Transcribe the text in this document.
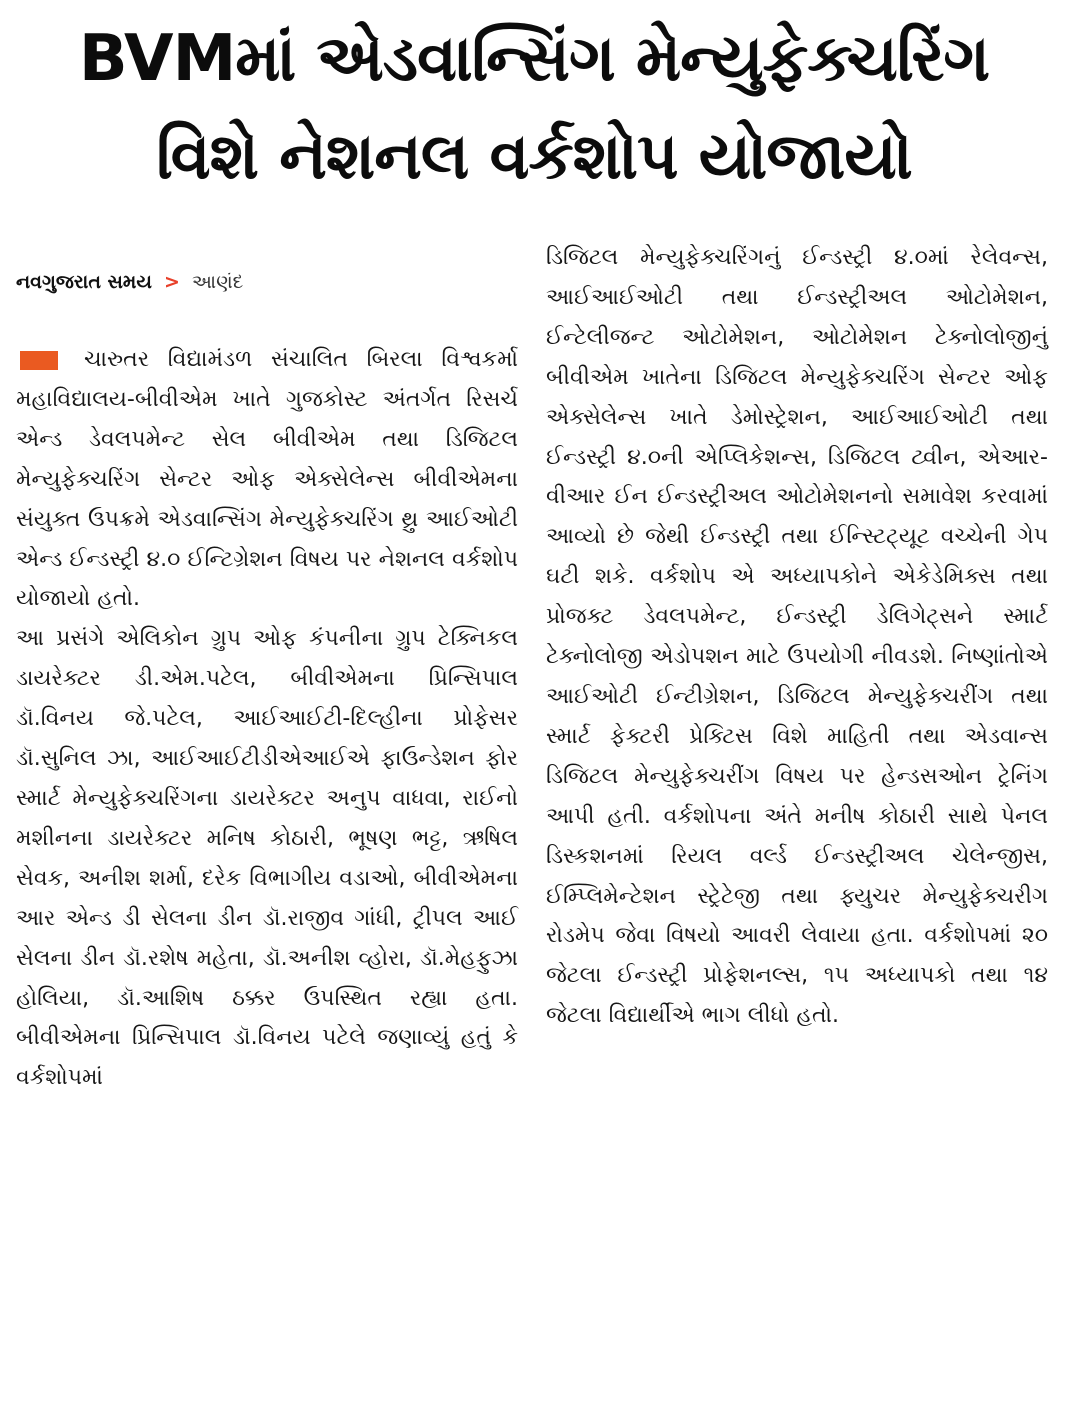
BVMમાં એડવાન્સિંગ મેન્યુફેક્ચરિંગ
વિશે નેશનલ વર્કશોપ યોજાયો
નવગુજરાત સમય > આણંદ

ચારુતર વિદ્યામંડળ સંચાલિત બિરલા વિશ્વકર્મા મહાવિદ્યાલય-બીવીએમ ખાતે ગુજકોસ્ટ અંતર્ગત રિસર્ચ એન્ડ ડેવલપમેન્ટ સેલ બીવીએમ તથા ડિજિટલ મેન્યુફેક્ચરિંગ સેન્ટર ઓફ એક્સેલેન્સ બીવીએમના સંયુક્ત ઉપક્રમે એડવાન્સિંગ મેન્યુફેક્ચરિંગ થ્રુ આઈઓટી એન્ડ ઈન્ડસ્ટ્રી ૪.૦ ઈન્ટિગ્રેશન વિષય પર નેશનલ વર્કશોપ યોજાયો હતો.

આ પ્રસંગે એલિકોન ગ્રુપ ઓફ કંપનીના ગ્રુપ ટેક્નિકલ ડાયરેક્ટર ડી.એમ.પટેલ, બીવીએમના પ્રિન્સિપાલ ડૉ.વિનય જે.પટેલ, આઈઆઈટી-દિલ્હીના પ્રોફેસર ડૉ.સુનિલ ઝા, આઈઆઈટીડીએઆઈએ ફાઉન્ડેશન ફોર સ્માર્ટ મેન્યુફેક્ચરિંગના ડાયરેક્ટર અનુપ વાધવા, રાઈનો મશીનના ડાયરેક્ટર મનિષ કોઠારી, ભૂષણ ભટ્ટ, ઋષિલ સેવક, અનીશ શર્મા, દરેક વિભાગીય વડાઓ, બીવીએમના આર એન્ડ ડી સેલના ડીન ડૉ.રાજીવ ગાંધી, ટ્રીપલ આઈ સેલના ડીન ડૉ.રશેષ મહેતા, ડૉ.અનીશ વ્હોરા, ડૉ.મેહફુઝા હોલિયા, ડૉ.આશિષ ઠક્કર ઉપસ્થિત રહ્યા હતા. બીવીએમના પ્રિન્સિપાલ ડૉ.વિનય પટેલે જણાવ્યું હતું કે વર્કશોપમાં

ડિજિટલ મેન્યુફેક્ચરિંગનું ઈન્ડસ્ટ્રી ૪.૦માં રેલેવન્સ, આઈઆઈઓટી તથા ઈન્ડસ્ટ્રીઅલ ઓટોમેશન, ઈન્ટેલીજન્ટ ઓટોમેશન, ઓટોમેશન ટેક્નોલોજીનું બીવીએમ ખાતેના ડિજિટલ મેન્યુફેક્ચરિંગ સેન્ટર ઓફ એક્સેલેન્સ ખાતે ડેમોસ્ટ્રેશન, આઈઆઈઓટી તથા ઈન્ડસ્ટ્રી ૪.૦ની એપ્લિકેશન્સ, ડિજિટલ ટ્વીન, એઆર-વીઆર ઈન ઈન્ડસ્ટ્રીઅલ ઓટોમેશનનો સમાવેશ કરવામાં આવ્યો છે જેથી ઈન્ડસ્ટ્રી તથા ઈન્સ્ટિટ્યૂટ વચ્ચેની ગેપ ઘટી શકે. વર્કશોપ એ અધ્યાપકોને એકેડેમિક્સ તથા પ્રોજક્ટ ડેવલપમેન્ટ, ઈન્ડસ્ટ્રી ડેલિગેટ્સને સ્માર્ટ ટેક્નોલોજી એડોપશન માટે ઉપયોગી નીવડશે. નિષ્ણાંતોએ આઈઓટી ઈન્ટીગ્રેશન, ડિજિટલ મેન્યુફેક્ચરીંગ તથા સ્માર્ટ ફેક્ટરી પ્રેક્ટિસ વિશે માહિતી તથા એડવાન્સ ડિજિટલ મેન્યુફેક્ચરીંગ વિષય પર હેન્ડસઓન ટ્રેનિંગ આપી હતી. વર્કશોપના અંતે મનીષ કોઠારી સાથે પેનલ ડિસ્કશનમાં રિયલ વર્લ્ડ ઈન્ડસ્ટ્રીઅલ ચેલેન્જીસ, ઈમ્પ્લિમેન્ટેશન સ્ટ્રેટેજી તથા ફ્યુચર મેન્યુફેક્ચરીગ રોડમેપ જેવા વિષયો આવરી લેવાયા હતા. વર્કશોપમાં ૨૦ જેટલા ઈન્ડસ્ટ્રી પ્રોફેશનલ્સ, ૧૫ અધ્યાપકો તથા ૧૪ જેટલા વિદ્યાર્થીએ ભાગ લીધો હતો.
